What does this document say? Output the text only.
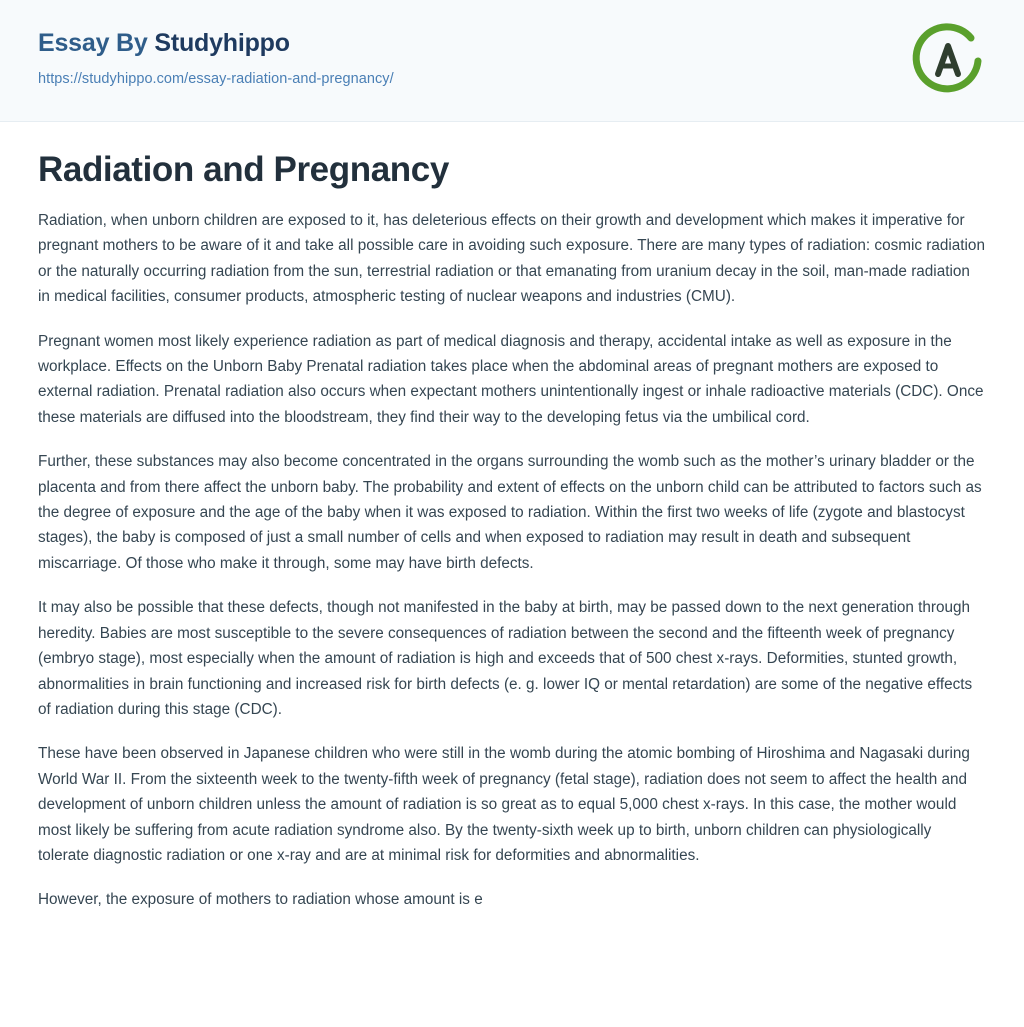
Essay By Studyhippo
https://studyhippo.com/essay-radiation-and-pregnancy/
Radiation and Pregnancy

Radiation, when unborn children are exposed to it, has deleterious effects on their growth and development which makes it imperative for pregnant mothers to be aware of it and take all possible care in avoiding such exposure. There are many types of radiation: cosmic radiation or the naturally occurring radiation from the sun, terrestrial radiation or that emanating from uranium decay in the soil, man-made radiation in medical facilities, consumer products, atmospheric testing of nuclear weapons and industries (CMU).

Pregnant women most likely experience radiation as part of medical diagnosis and therapy, accidental intake as well as exposure in the workplace. Effects on the Unborn Baby Prenatal radiation takes place when the abdominal areas of pregnant mothers are exposed to external radiation. Prenatal radiation also occurs when expectant mothers unintentionally ingest or inhale radioactive materials (CDC). Once these materials are diffused into the bloodstream, they find their way to the developing fetus via the umbilical cord.

Further, these substances may also become concentrated in the organs surrounding the womb such as the mother’s urinary bladder or the placenta and from there affect the unborn baby. The probability and extent of effects on the unborn child can be attributed to factors such as the degree of exposure and the age of the baby when it was exposed to radiation. Within the first two weeks of life (zygote and blastocyst stages), the baby is composed of just a small number of cells and when exposed to radiation may result in death and subsequent miscarriage. Of those who make it through, some may have birth defects.

It may also be possible that these defects, though not manifested in the baby at birth, may be passed down to the next generation through heredity. Babies are most susceptible to the severe consequences of radiation between the second and the fifteenth week of pregnancy (embryo stage), most especially when the amount of radiation is high and exceeds that of 500 chest x-rays. Deformities, stunted growth, abnormalities in brain functioning and increased risk for birth defects (e. g. lower IQ or mental retardation) are some of the negative effects of radiation during this stage (CDC).

These have been observed in Japanese children who were still in the womb during the atomic bombing of Hiroshima and Nagasaki during World War II. From the sixteenth week to the twenty-fifth week of pregnancy (fetal stage), radiation does not seem to affect the health and development of unborn children unless the amount of radiation is so great as to equal 5,000 chest x-rays. In this case, the mother would most likely be suffering from acute radiation syndrome also. By the twenty-sixth week up to birth, unborn children can physiologically tolerate diagnostic radiation or one x-ray and are at minimal risk for deformities and abnormalities.

However, the exposure of mothers to radiation whose amount is e
